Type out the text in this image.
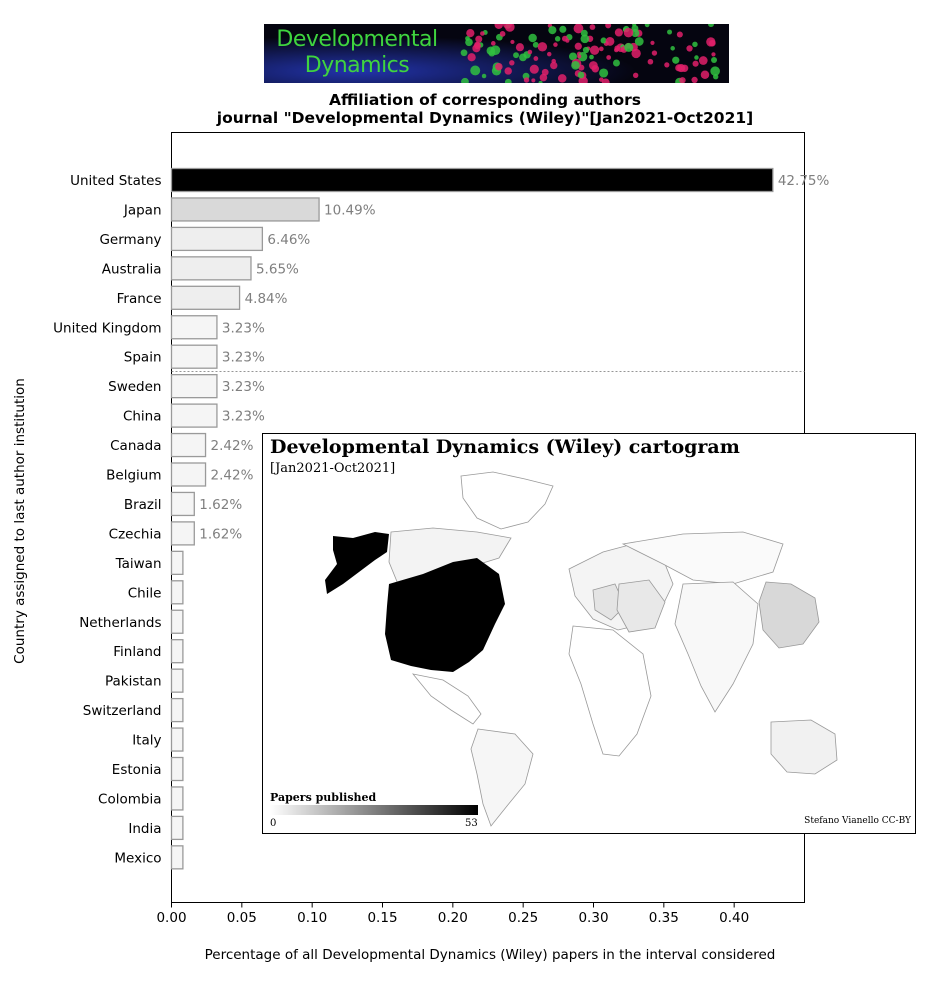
Developmental Dynamics
Affiliation of corresponding authors
journal "Developmental Dynamics (Wiley)"[Jan2021-Oct2021]
United States
Japan
Germany
Australia
France
United Kingdom
Spain
Sweden
China
Canada
Belgium
Brazil
Czechia
Taiwan
Chile
Netherlands
Finland
Pakistan
Switzerland
Italy
Estonia
Colombia
India
Mexico
42.75%
10.49%
6.46%
5.65%
4.84%
3.23%
3.23%
3.23%
3.23%
2.42%
2.42%
1.62%
1.62%
0.00	0.05	0.10	0.15	0.20	0.25	0.30	0.35	0.40
Percentage of all Developmental Dynamics (Wiley) papers in the interval considered
Country assigned to last author institution	Developmental Dynamics (Wiley) cartogram
[Jan2021-Oct2021]
Papers published
0	53	Stefano Vianello CC-BY
